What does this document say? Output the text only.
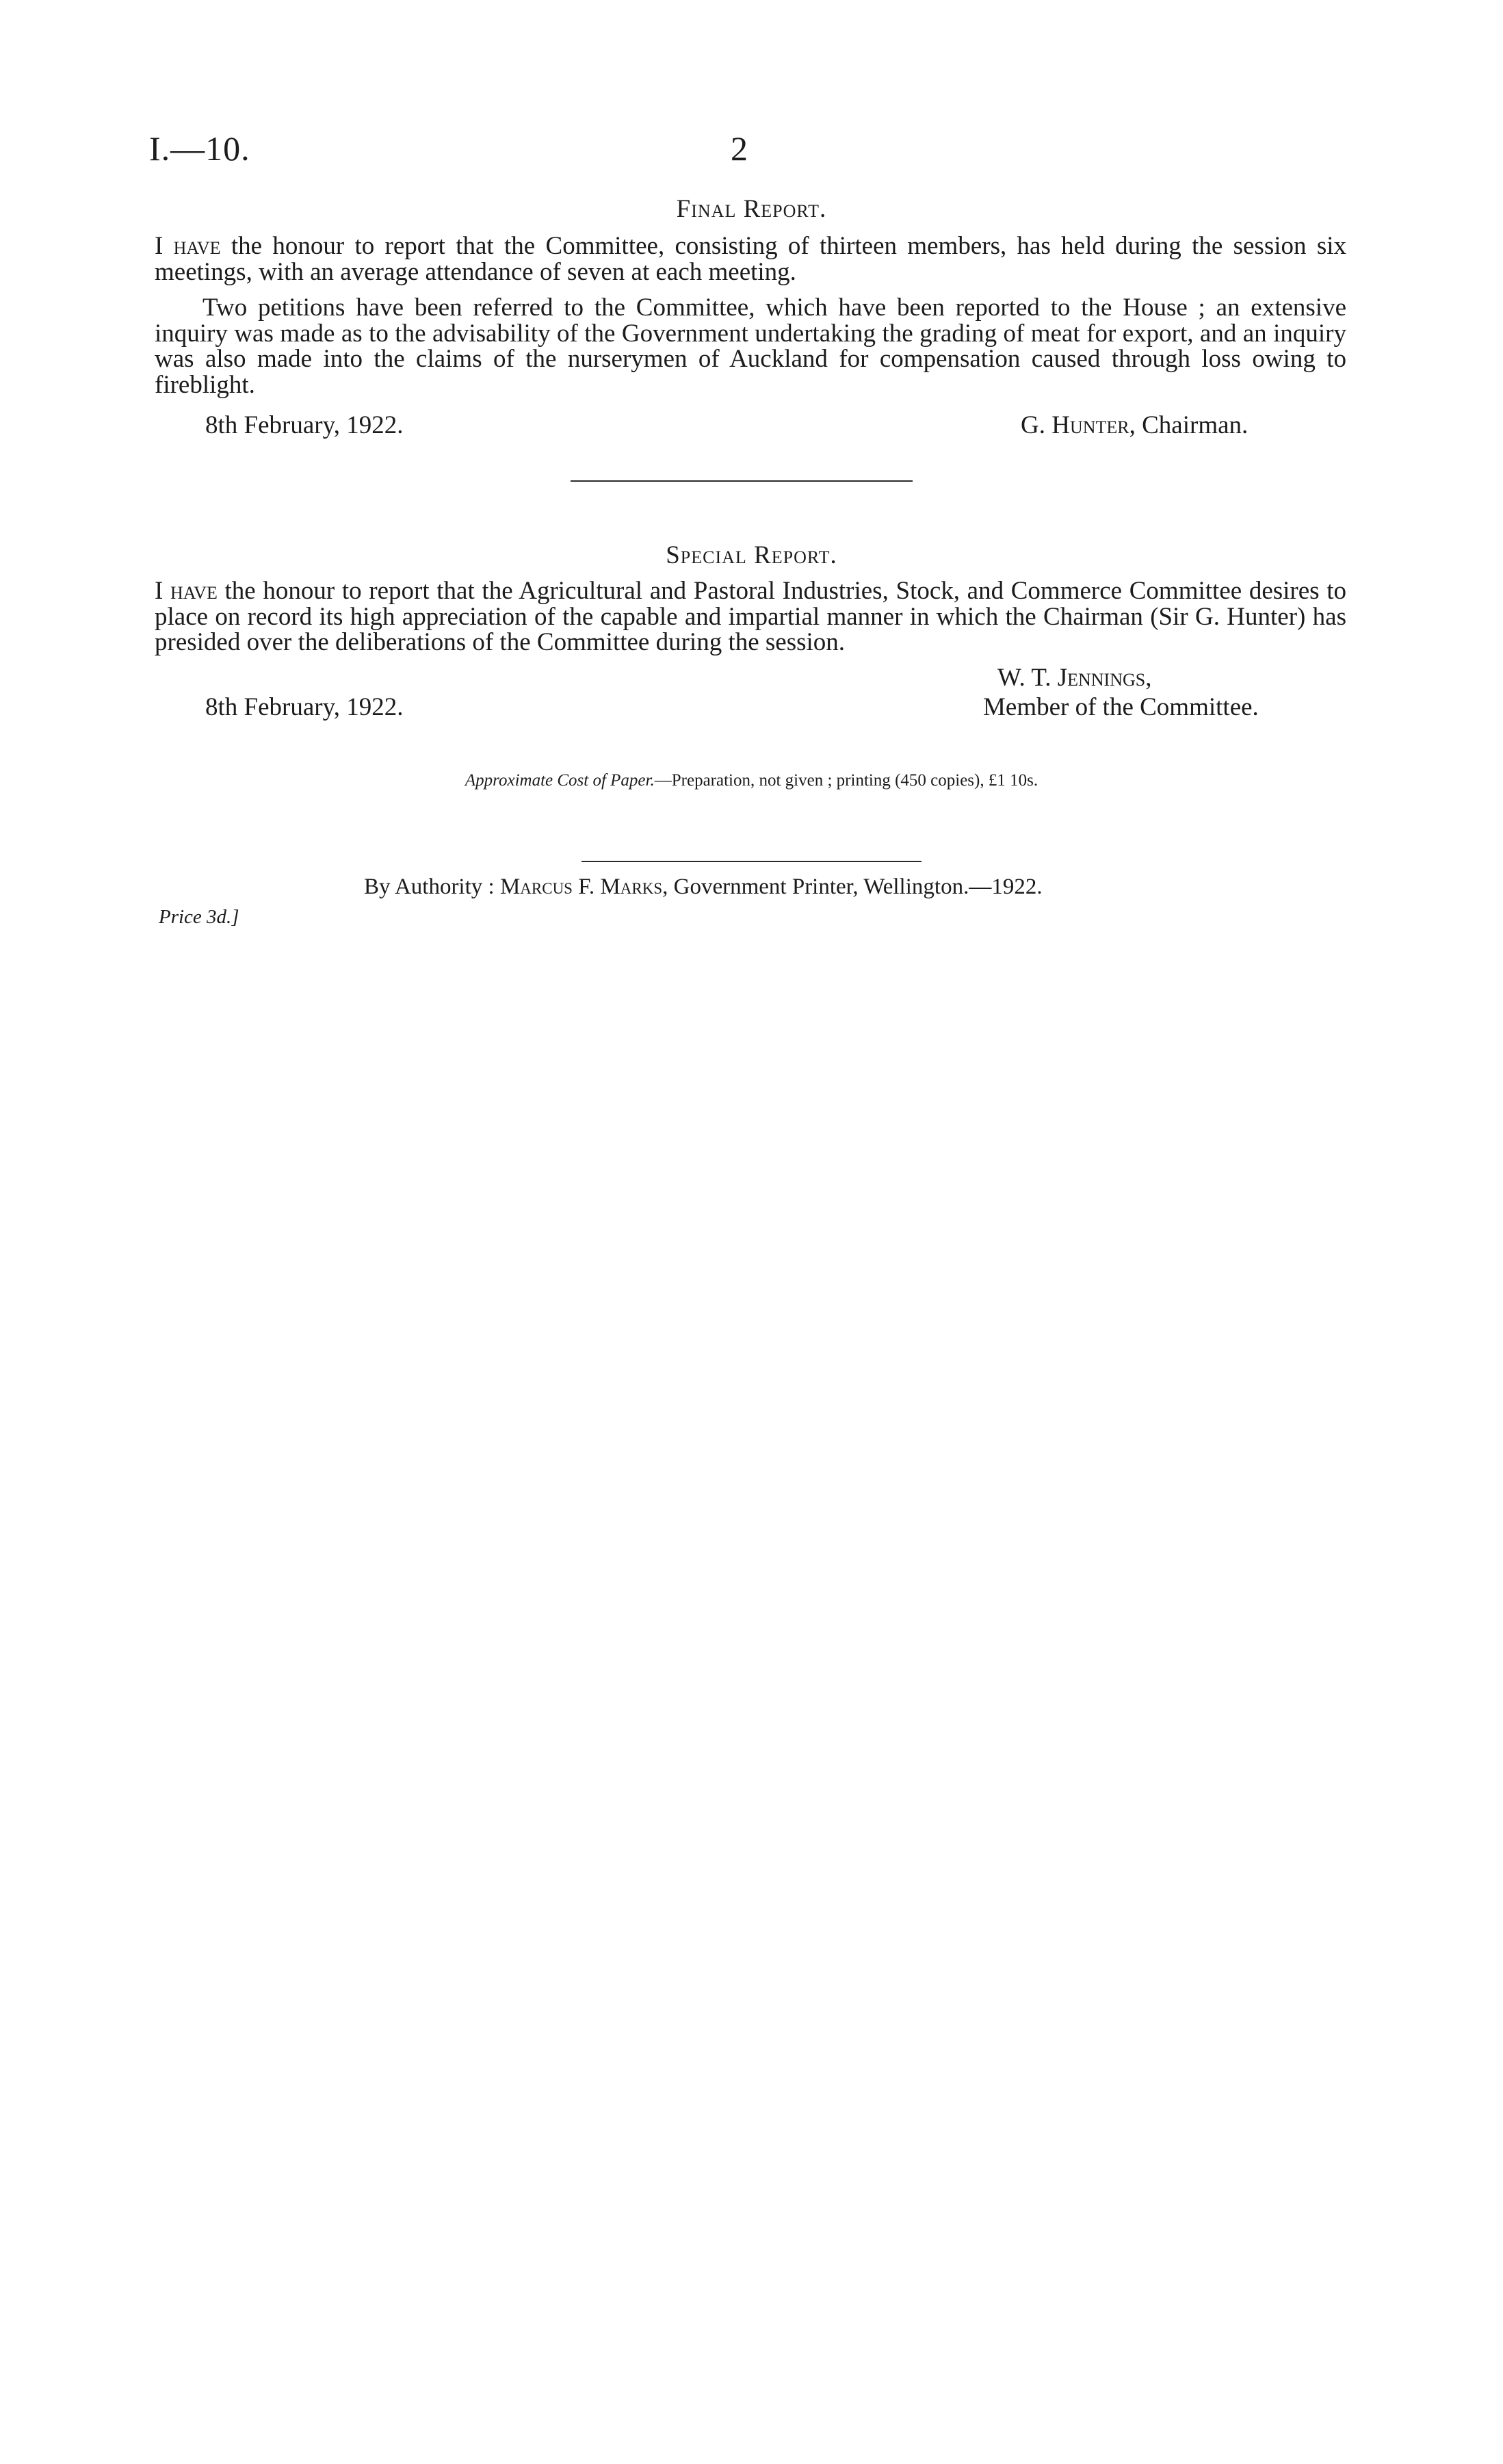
I.—10.	2
Final Report.
I have the honour to report that the Committee, consisting of thirteen members, has held during the session six meetings, with an average attendance of seven at each meeting.
Two petitions have been referred to the Committee, which have been reported to the House ; an extensive inquiry was made as to the advisability of the Government undertaking the grading of meat for export, and an inquiry was also made into the claims of the nurserymen of Auckland for compensation caused through loss owing to fireblight.
8th February, 1922.	G. Hunter, Chairman.
Special Report.
I have the honour to report that the Agricultural and Pastoral Industries, Stock, and Commerce Committee desires to place on record its high appreciation of the capable and impartial manner in which the Chairman (Sir G. Hunter) has presided over the deliberations of the Committee during the session.
W. T. Jennings,
8th February, 1922.	Member of the Committee.
Approximate Cost of Paper.—Preparation, not given ; printing (450 copies), £1 10s.
By Authority : Marcus F. Marks, Government Printer, Wellington.—1922.
Price 3d.]
